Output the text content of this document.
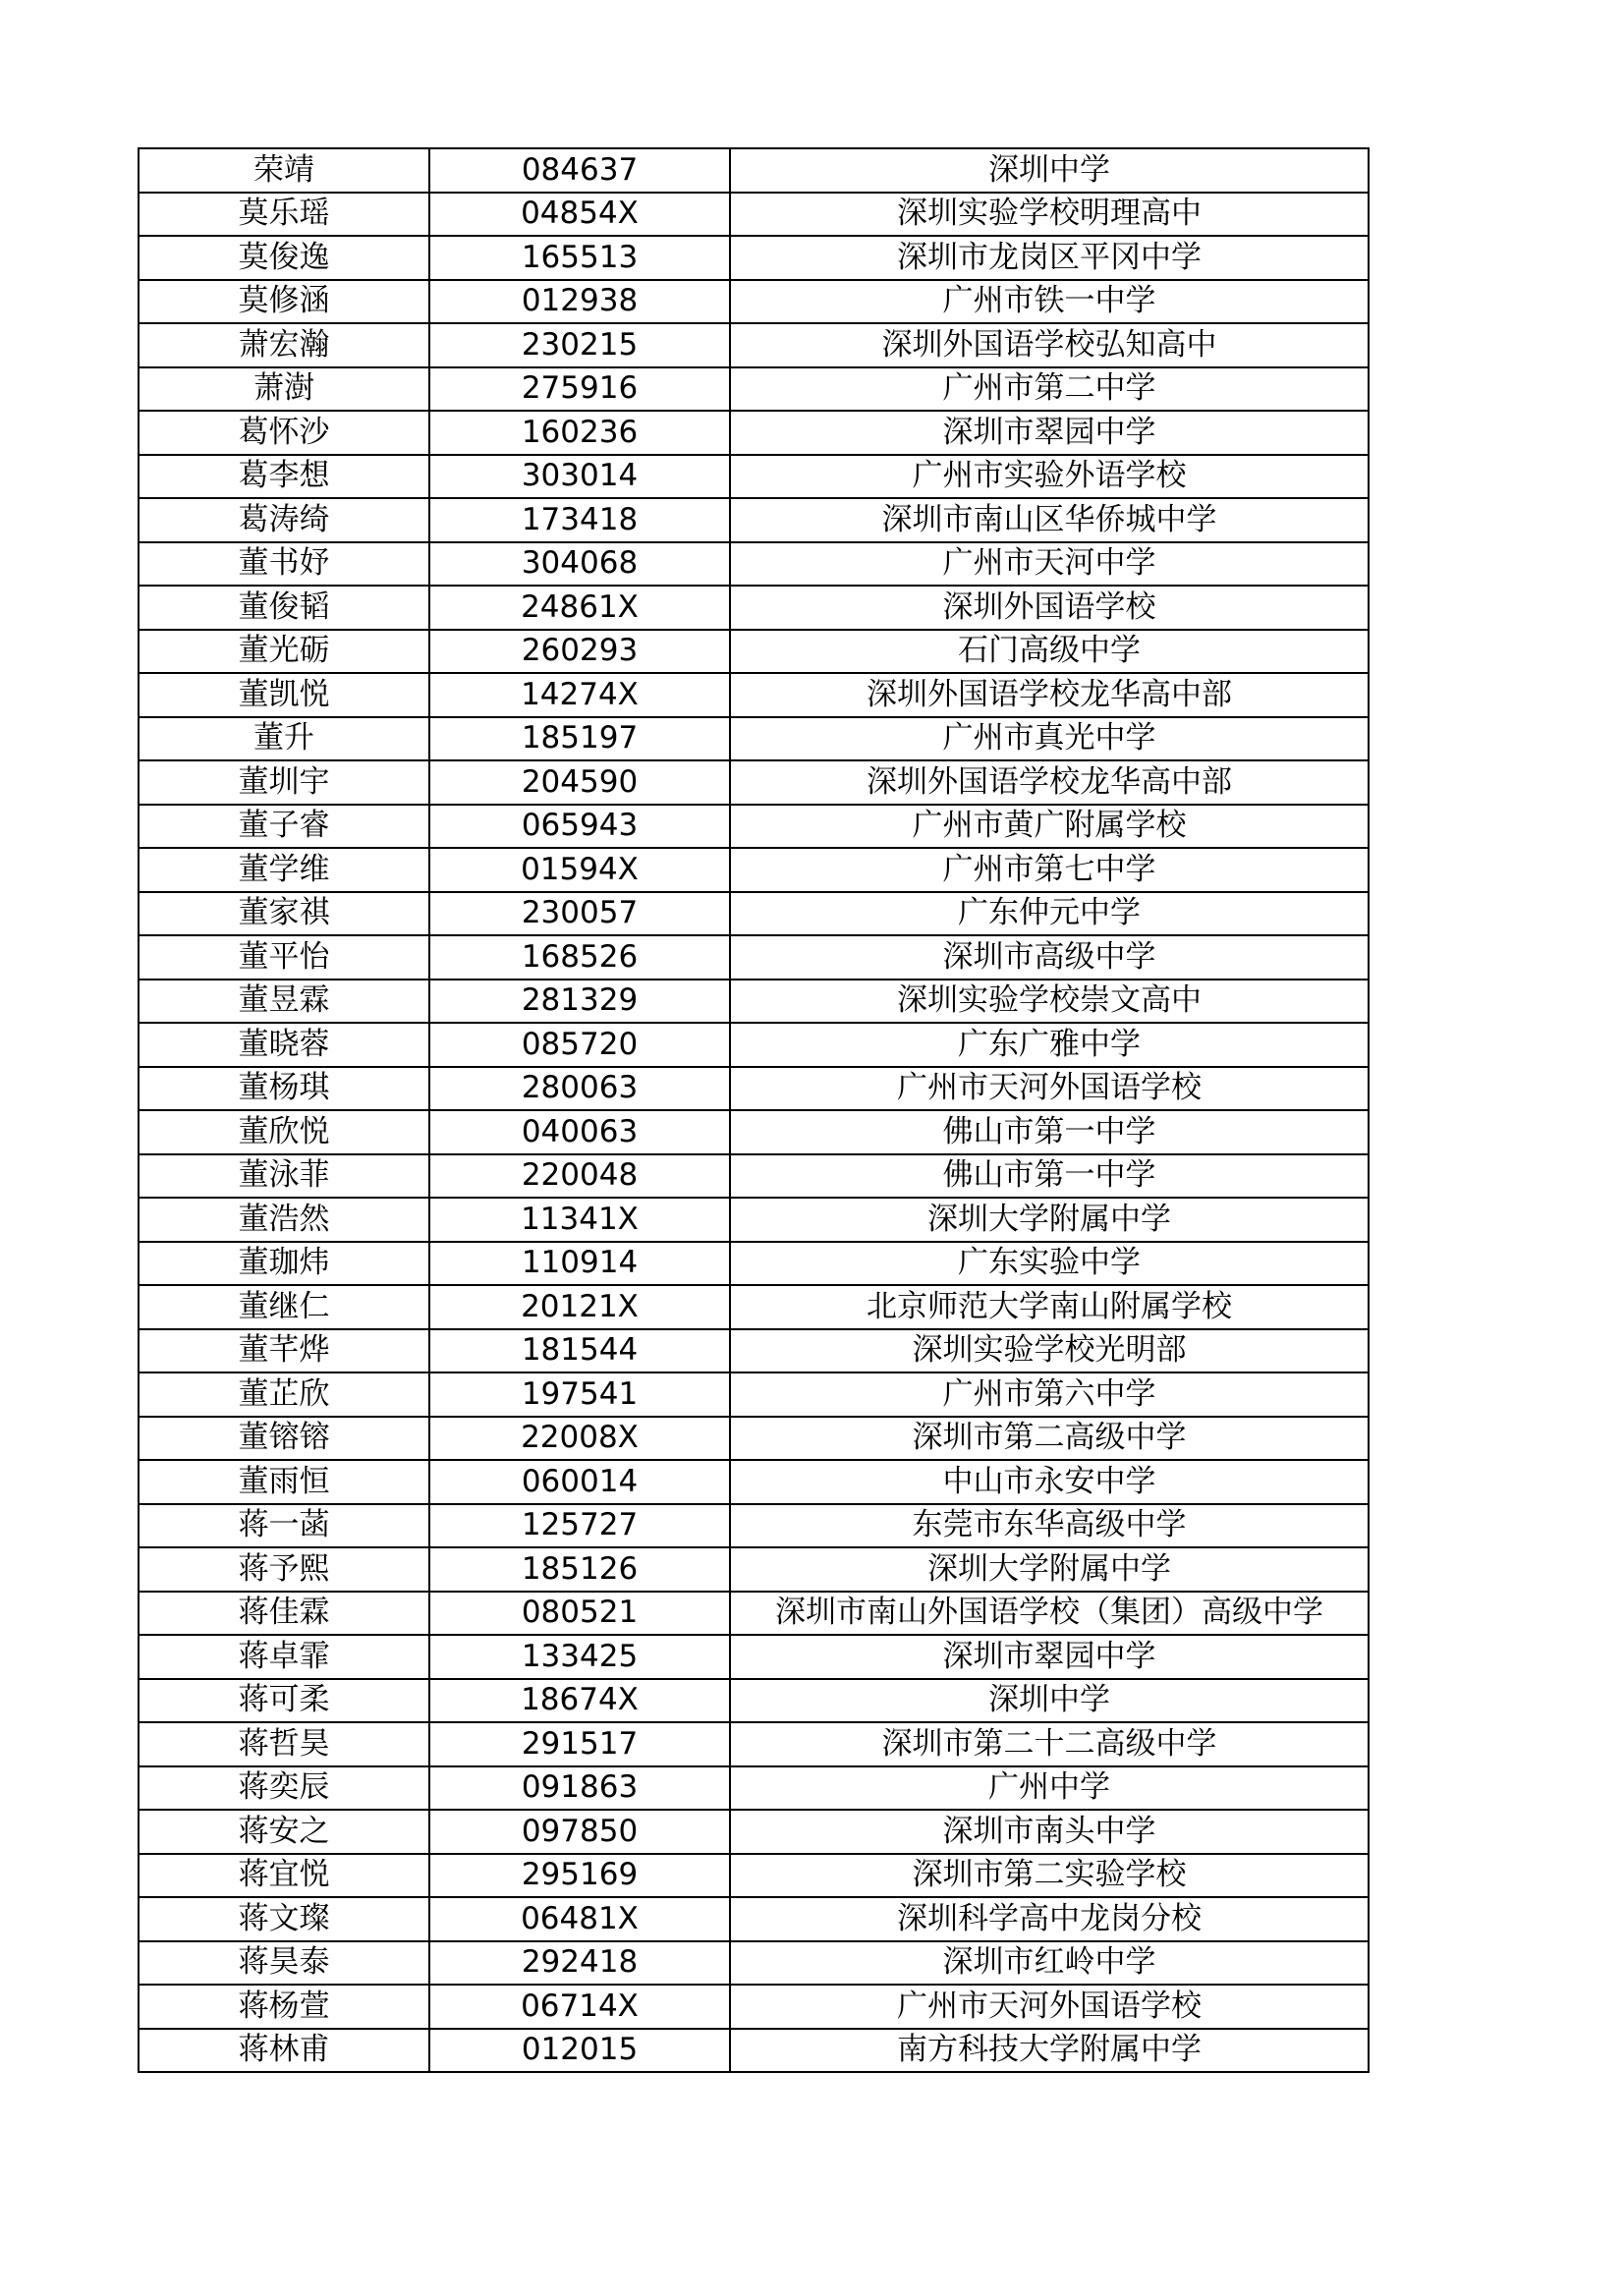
荣靖	084637	深圳中学
莫乐瑶	04854X	深圳实验学校明理高中
莫俊逸	165513	深圳市龙岗区平冈中学
莫修涵	012938	广州市铁一中学
萧宏瀚	230215	深圳外国语学校弘知高中
萧澍	275916	广州市第二中学
葛怀沙	160236	深圳市翠园中学
葛李想	303014	广州市实验外语学校
葛涛绮	173418	深圳市南山区华侨城中学
董书妤	304068	广州市天河中学
董俊韬	24861X	深圳外国语学校
董光砺	260293	石门高级中学
董凯悦	14274X	深圳外国语学校龙华高中部
董升	185197	广州市真光中学
董圳宇	204590	深圳外国语学校龙华高中部
董子睿	065943	广州市黄广附属学校
董学维	01594X	广州市第七中学
董家祺	230057	广东仲元中学
董平怡	168526	深圳市高级中学
董昱霖	281329	深圳实验学校崇文高中
董晓蓉	085720	广东广雅中学
董杨琪	280063	广州市天河外国语学校
董欣悦	040063	佛山市第一中学
董泳菲	220048	佛山市第一中学
董浩然	11341X	深圳大学附属中学
董珈炜	110914	广东实验中学
董继仁	20121X	北京师范大学南山附属学校
董芊烨	181544	深圳实验学校光明部
董芷欣	197541	广州市第六中学
董镕镕	22008X	深圳市第二高级中学
董雨恒	060014	中山市永安中学
蒋一菡	125727	东莞市东华高级中学
蒋予熙	185126	深圳大学附属中学
蒋佳霖	080521	深圳市南山外国语学校（集团）高级中学
蒋卓霏	133425	深圳市翠园中学
蒋可柔	18674X	深圳中学
蒋哲昊	291517	深圳市第二十二高级中学
蒋奕辰	091863	广州中学
蒋安之	097850	深圳市南头中学
蒋宜悦	295169	深圳市第二实验学校
蒋文璨	06481X	深圳科学高中龙岗分校
蒋昊泰	292418	深圳市红岭中学
蒋杨萱	06714X	广州市天河外国语学校
蒋林甫	012015	南方科技大学附属中学
